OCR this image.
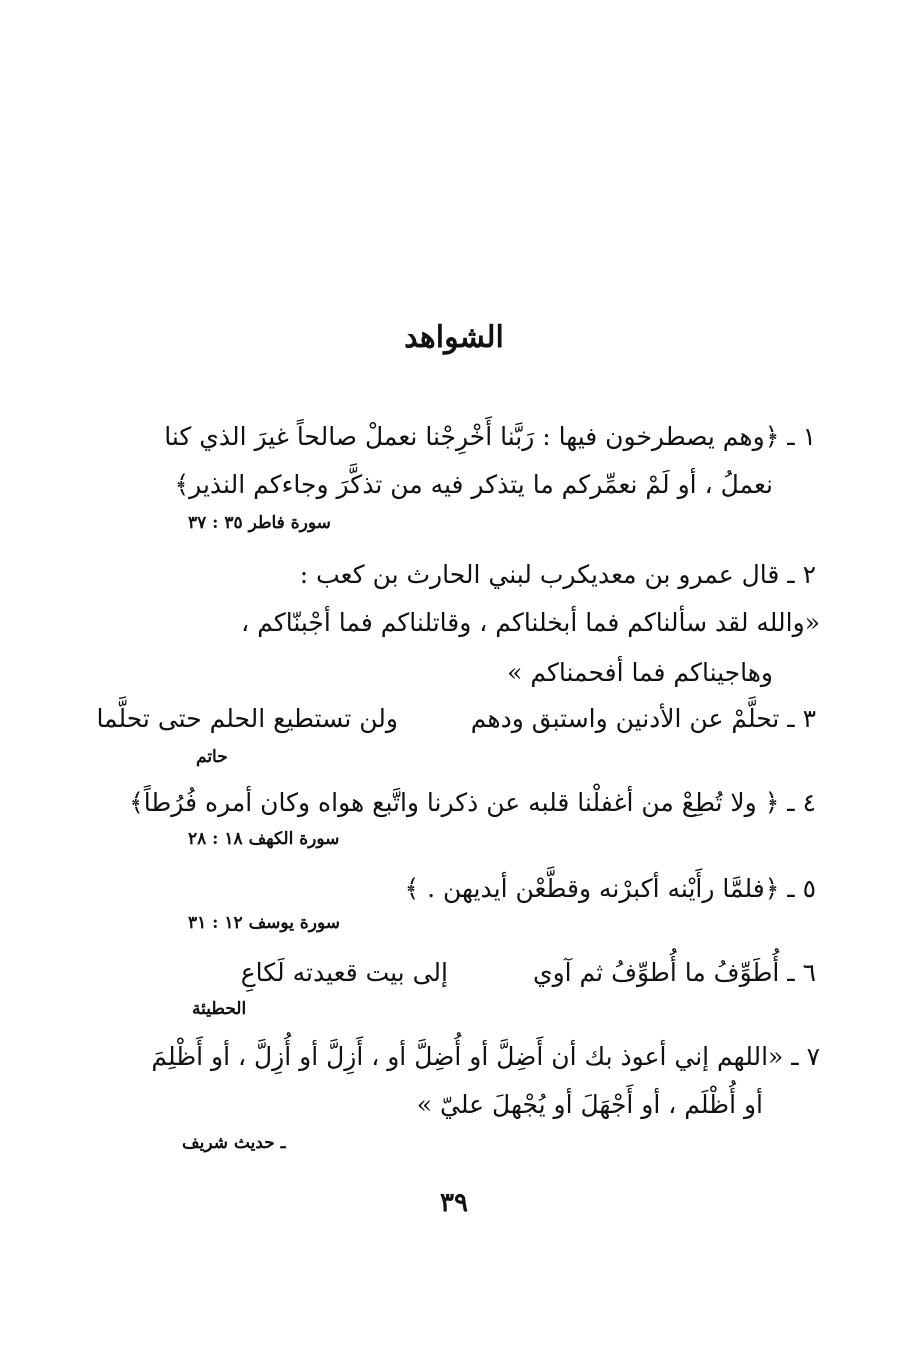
الشواهد
١ ـ ﴿وهم يصطرخون فيها : رَبَّنا أَخْرِجْنا نعملْ صالحاً غيرَ الذي كنا
نعملُ ، أو لَمْ نعمِّركم ما يتذكر فيه من تذكَّرَ وجاءكم النذير﴾
سورة فاطر ٣٥ : ٣٧
٢ ـ قال عمرو بن معديكرب لبني الحارث بن كعب :
«والله لقد سألناكم فما أبخلناكم ، وقاتلناكم فما أجْبنّاكم ،
وهاجيناكم فما أفحمناكم »
٣ ـ تحلَّمْ عن الأدنين واستبق ودهم
ولن تستطيع الحلم حتى تحلَّما
حاتم
٤ ـ ﴿ ولا تُطِعْ من أغفلْنا قلبه عن ذكرنا واتَّبع هواه وكان أمره فُرُطاً﴾
سورة الكهف ١٨ : ٢٨
٥ ـ ﴿فلمَّا رأَيْنه أكبرْنه وقطَّعْن أيديهن . ﴾
سورة يوسف ١٢ : ٣١
٦ ـ أُطَوِّفُ ما أُطوِّفُ ثم آوي
إلى بيت قعيدته لَكاعِ
الحطيئة
٧ ـ «اللهم إني أعوذ بك أن أَضِلَّ أو أُضِلَّ أو ، أَزِلَّ أو أُزِلَّ ، أو أَظْلِمَ
أو أُظْلَم ، أو أَجْهَلَ أو يُجْهلَ عليّ »
ـ حديث شريف
٣٩
